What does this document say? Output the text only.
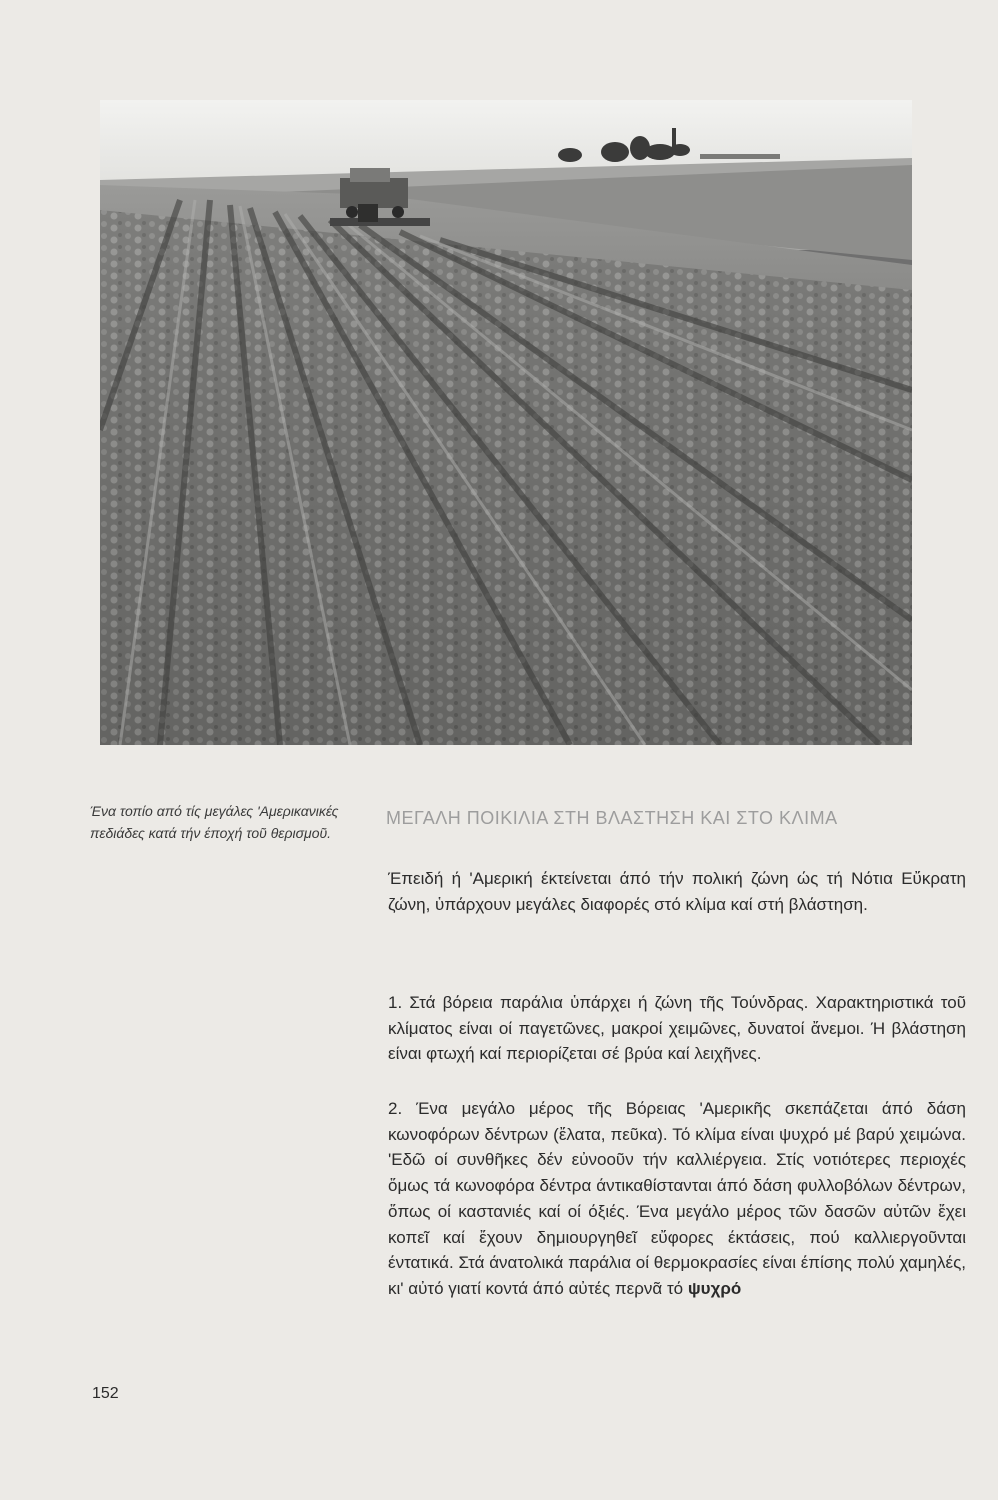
Ένα τοπίο από τίς μεγάλες 'Αμερικανικές πεδιάδες κατά τήν έποχή τοῦ θερισμοῦ.
ΜΕΓΑΛΗ ΠΟΙΚΙΛΙΑ ΣΤΗ ΒΛΑΣΤΗΣΗ ΚΑΙ ΣΤΟ ΚΛΙΜΑ
Έπειδή ή 'Αμερική έκτείνεται άπό τήν πολική ζώνη ώς τή Νότια Εὔκρατη ζώνη, ὑπάρχουν μεγάλες διαφορές στό κλίμα καί στή βλάστηση.
1. Στά βόρεια παράλια ὑπάρχει ή ζώνη τῆς Τούνδρας. Χαρακτηριστικά τοῦ κλίματος είναι οί παγετῶνες, μακροί χειμῶνες, δυνατοί ἄνεμοι. Ή βλάστηση είναι φτωχή καί περιορίζεται σέ βρύα καί λειχῆνες.
2. Ένα μεγάλο μέρος τῆς Βόρειας 'Αμερικῆς σκεπάζεται άπό δάση κωνοφόρων δέντρων (ἔλατα, πεῦκα). Τό κλίμα είναι ψυχρό μέ βαρύ χειμώνα. 'Εδῶ οί συνθῆκες δέν εὐνοοῦν τήν καλλιέργεια. Στίς νοτιότερες περιοχές ὅμως τά κωνοφόρα δέντρα άντικαθίστανται άπό δάση φυλλοβόλων δέντρων, ὅπως οί καστανιές καί οί όξιές. Ένα μεγάλο μέρος τῶν δασῶν αὐτῶν ἔχει κοπεῖ καί ἔχουν δημιουργηθεῖ εὔφορες έκτάσεις, πού καλλιεργοῦνται έντατικά. Στά άνατολικά παράλια οί θερμοκρασίες είναι έπίσης πολύ χαμηλές, κι' αὐτό γιατί κοντά άπό αὐτές περνᾶ τό ψυχρό
152
